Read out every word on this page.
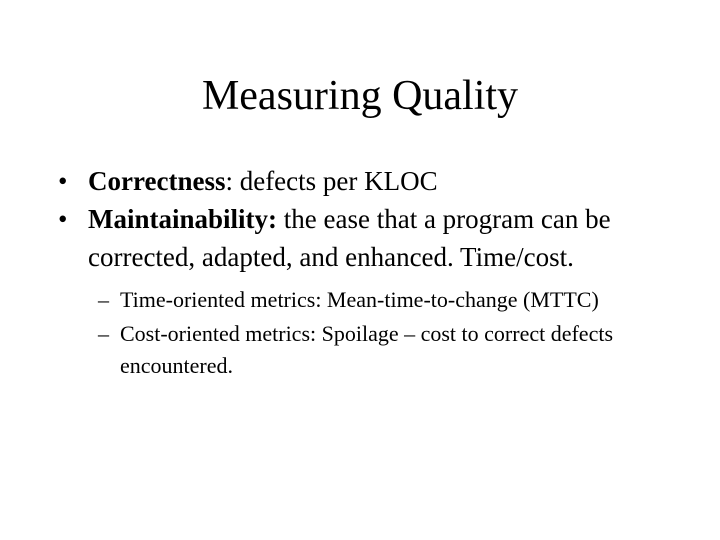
Measuring Quality
• Correctness: defects per KLOC
• Maintainability: the ease that a program can be corrected, adapted, and enhanced. Time/cost.
– Time-oriented metrics: Mean-time-to-change (MTTC)
– Cost-oriented metrics: Spoilage – cost to correct defects encountered.
